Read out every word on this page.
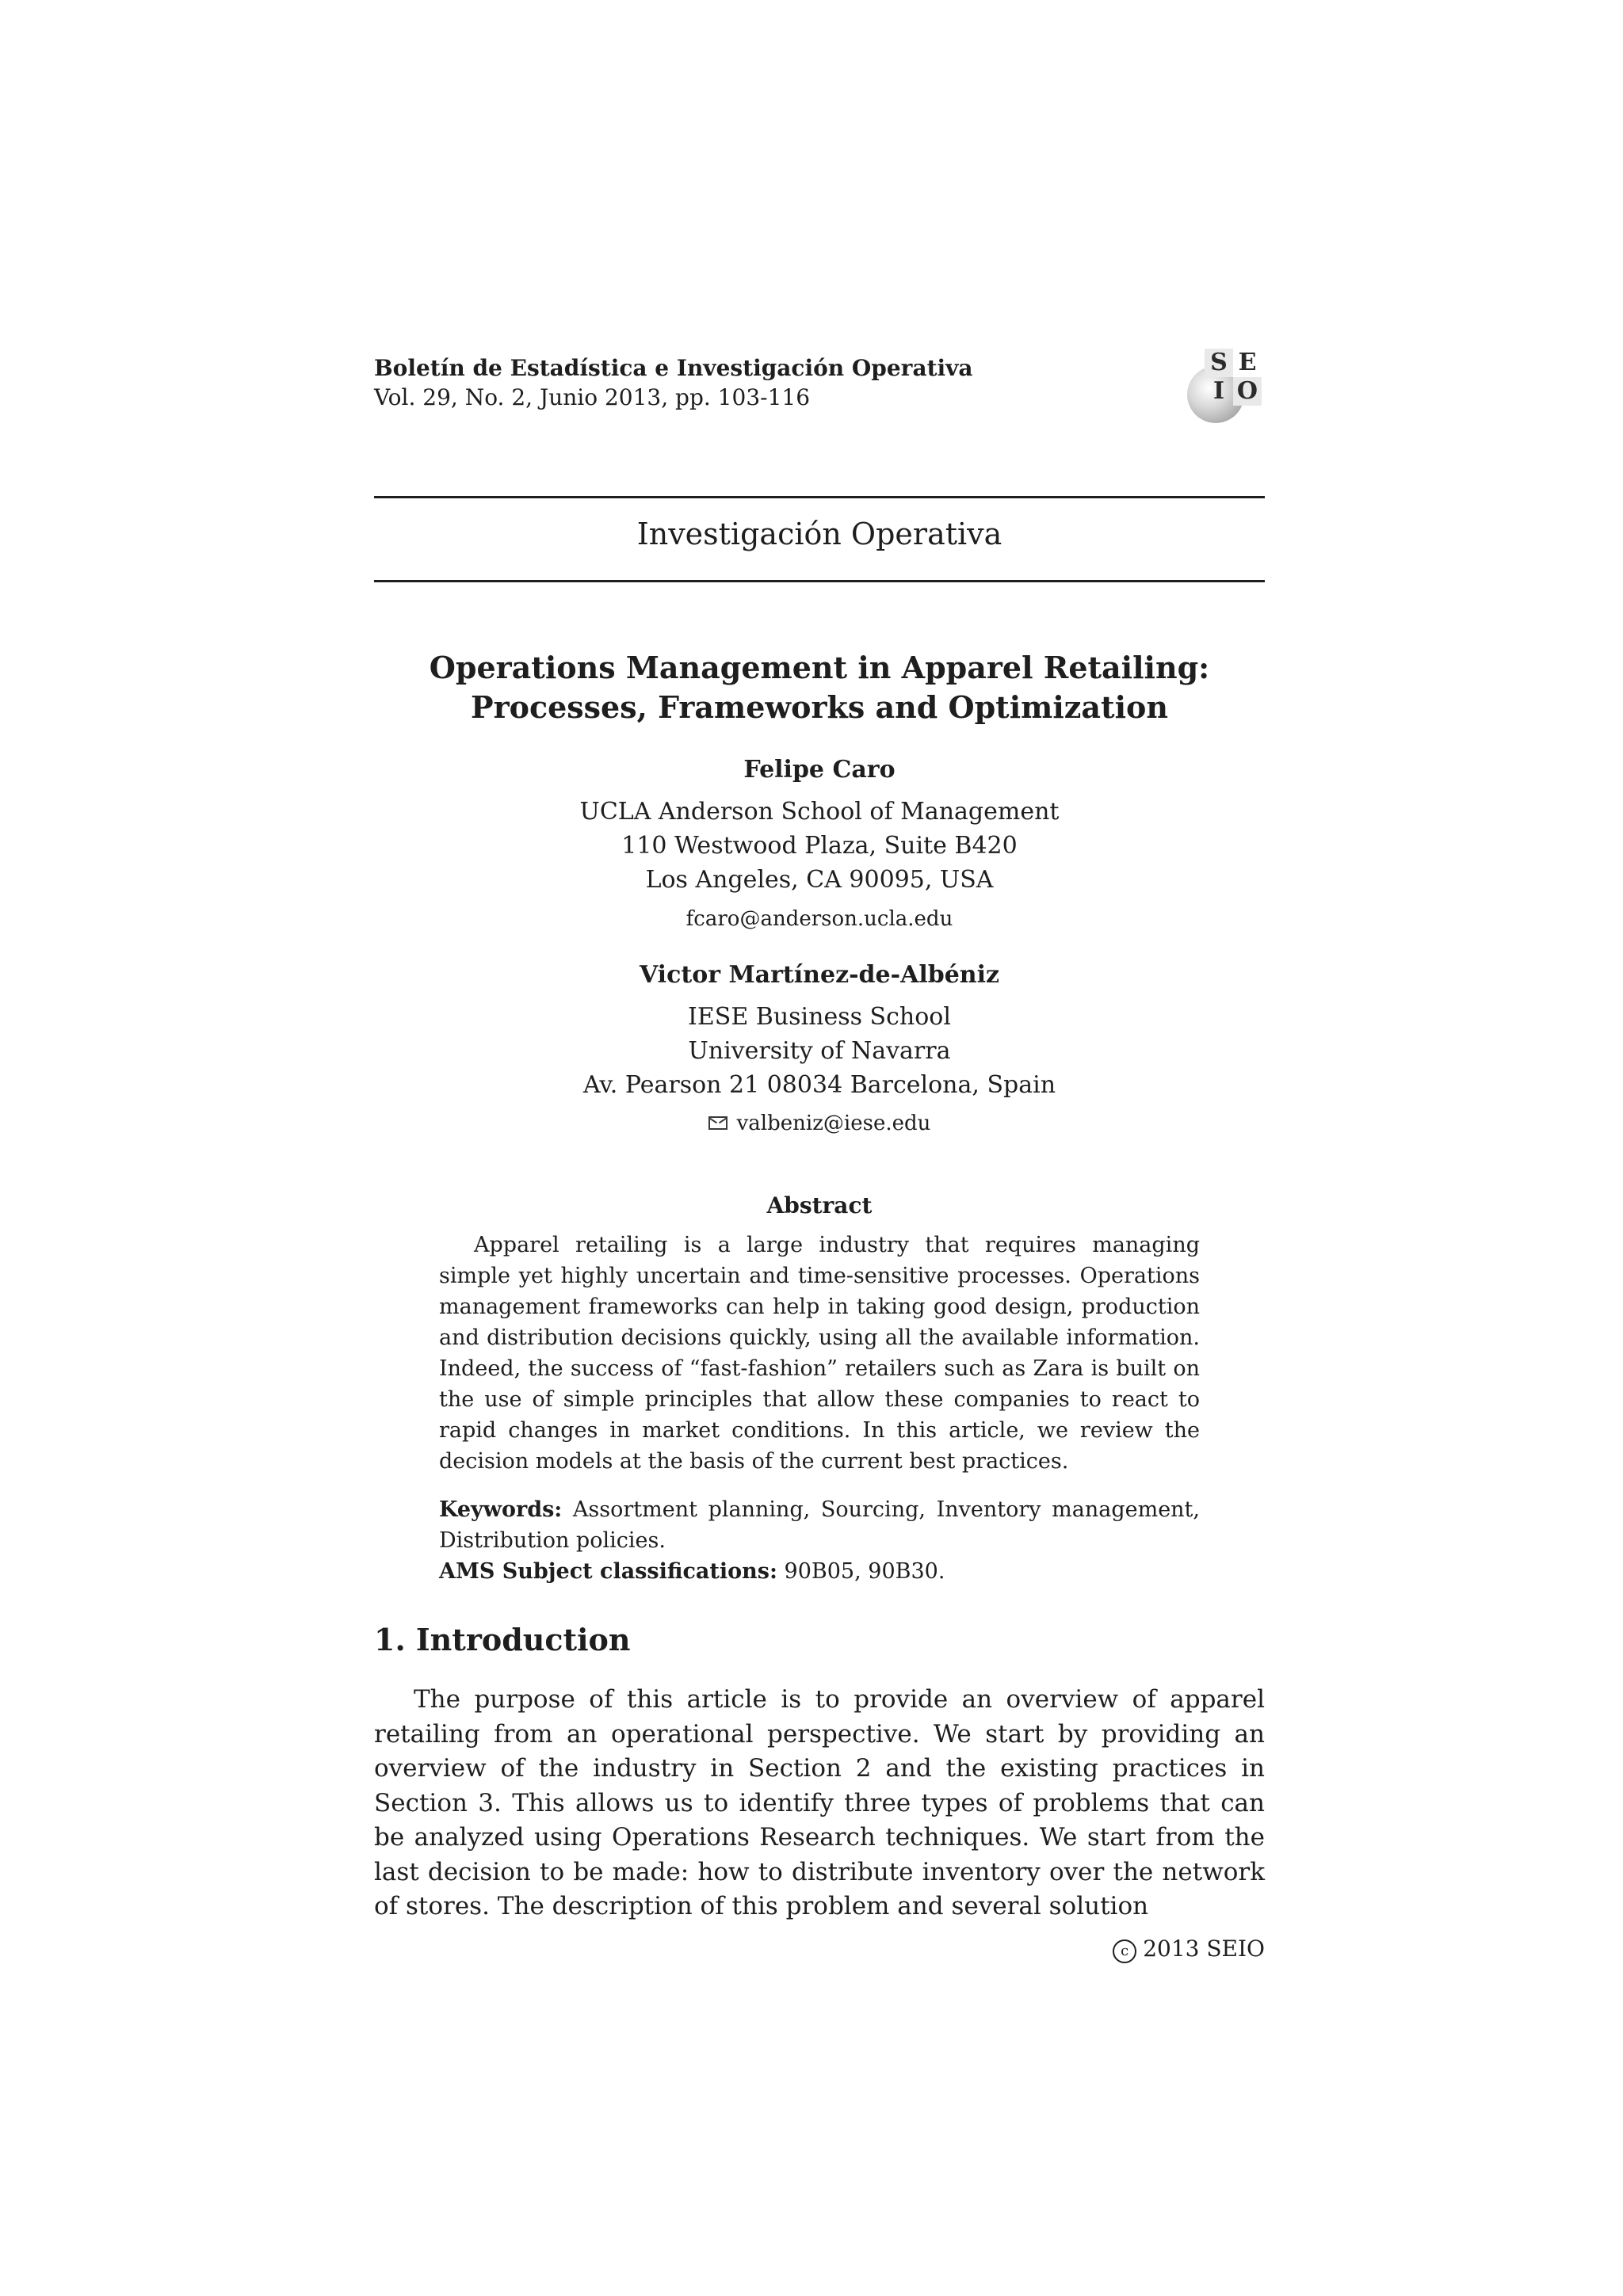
Boletín de Estadística e Investigación Operativa
Vol. 29, No. 2, Junio 2013, pp. 103-116
S E
I O
Investigación Operativa
Operations Management in Apparel Retailing:
Processes, Frameworks and Optimization
Felipe Caro
UCLA Anderson School of Management
110 Westwood Plaza, Suite B420
Los Angeles, CA 90095, USA
fcaro@anderson.ucla.edu
Victor Martínez-de-Albéniz
IESE Business School
University of Navarra
Av. Pearson 21 08034 Barcelona, Spain
valbeniz@iese.edu
Abstract

Apparel retailing is a large industry that requires managing simple yet highly uncertain and time-sensitive processes. Operations management frameworks can help in taking good design, production and distribution decisions quickly, using all the available information. Indeed, the success of “fast-fashion” retailers such as Zara is built on the use of simple principles that allow these companies to react to rapid changes in market conditions. In this article, we review the decision models at the basis of the current best practices.

Keywords: Assortment planning, Sourcing, Inventory management, Distribution policies.

AMS Subject classifications: 90B05, 90B30.

1. Introduction

The purpose of this article is to provide an overview of apparel retailing from an operational perspective. We start by providing an overview of the industry in Section 2 and the existing practices in Section 3. This allows us to identify three types of problems that can be analyzed using Operations Research techniques. We start from the last decision to be made: how to distribute inventory over the network of stores. The description of this problem and several solution

c 2013 SEIO
